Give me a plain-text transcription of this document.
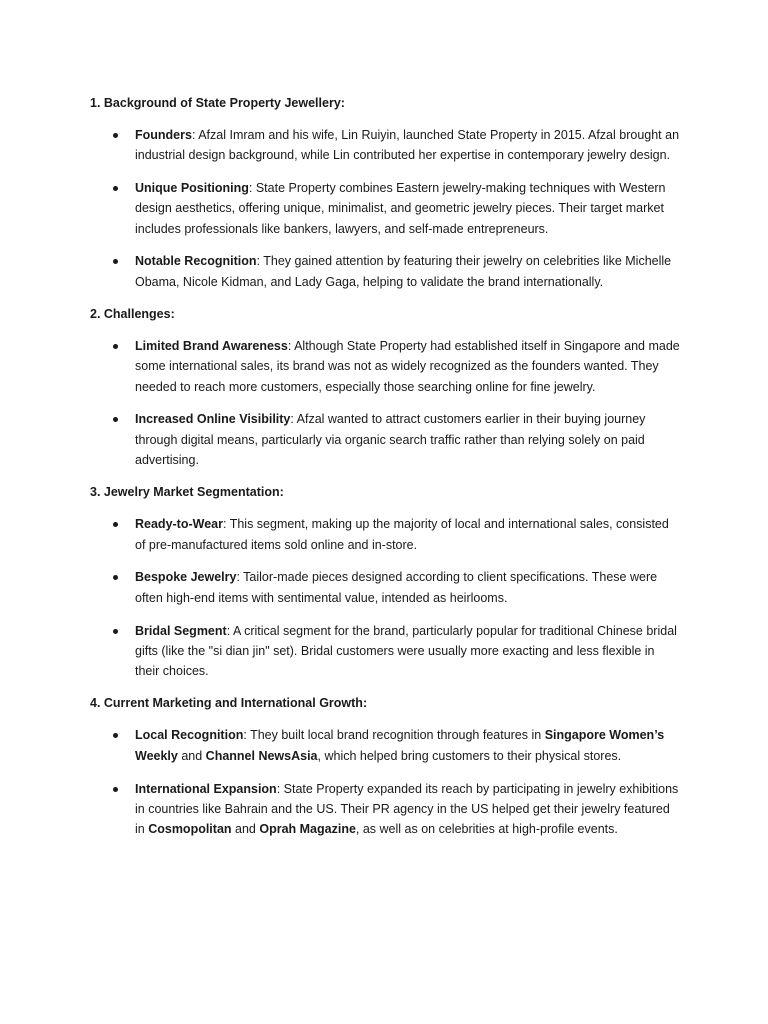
1. Background of State Property Jewellery:
Founders: Afzal Imram and his wife, Lin Ruiyin, launched State Property in 2015. Afzal brought an industrial design background, while Lin contributed her expertise in contemporary jewelry design.
Unique Positioning: State Property combines Eastern jewelry-making techniques with Western design aesthetics, offering unique, minimalist, and geometric jewelry pieces. Their target market includes professionals like bankers, lawyers, and self-made entrepreneurs.
Notable Recognition: They gained attention by featuring their jewelry on celebrities like Michelle Obama, Nicole Kidman, and Lady Gaga, helping to validate the brand internationally.
2. Challenges:
Limited Brand Awareness: Although State Property had established itself in Singapore and made some international sales, its brand was not as widely recognized as the founders wanted. They needed to reach more customers, especially those searching online for fine jewelry.
Increased Online Visibility: Afzal wanted to attract customers earlier in their buying journey through digital means, particularly via organic search traffic rather than relying solely on paid advertising.
3. Jewelry Market Segmentation:
Ready-to-Wear: This segment, making up the majority of local and international sales, consisted of pre-manufactured items sold online and in-store.
Bespoke Jewelry: Tailor-made pieces designed according to client specifications. These were often high-end items with sentimental value, intended as heirlooms.
Bridal Segment: A critical segment for the brand, particularly popular for traditional Chinese bridal gifts (like the "si dian jin" set). Bridal customers were usually more exacting and less flexible in their choices.
4. Current Marketing and International Growth:
Local Recognition: They built local brand recognition through features in Singapore Women’s Weekly and Channel NewsAsia, which helped bring customers to their physical stores.
International Expansion: State Property expanded its reach by participating in jewelry exhibitions in countries like Bahrain and the US. Their PR agency in the US helped get their jewelry featured in Cosmopolitan and Oprah Magazine, as well as on celebrities at high-profile events.
